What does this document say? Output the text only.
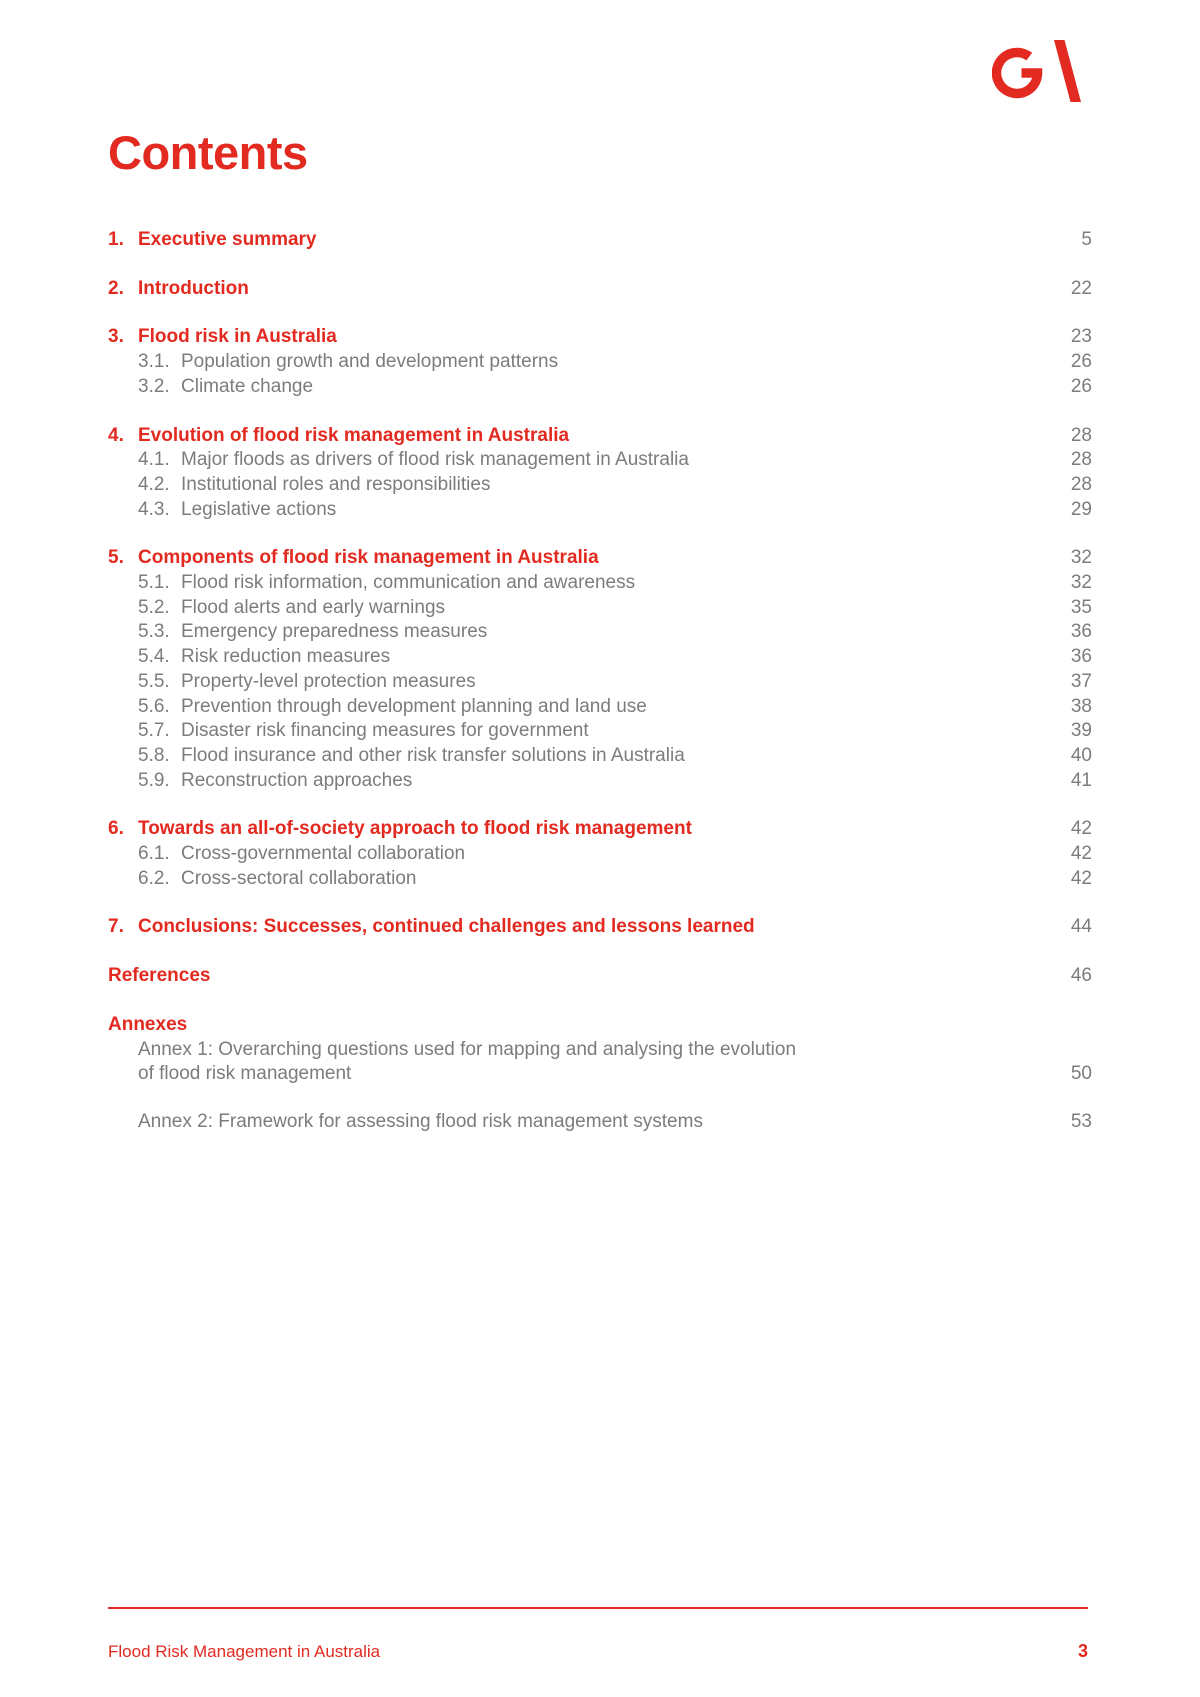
Contents
1. Executive summary	5
2. Introduction	22
3. Flood risk in Australia	23
3.1. Population growth and development patterns	26
3.2. Climate change	26
4. Evolution of flood risk management in Australia	28
4.1. Major floods as drivers of flood risk management in Australia	28
4.2. Institutional roles and responsibilities	28
4.3. Legislative actions	29
5. Components of flood risk management in Australia	32
5.1. Flood risk information, communication and awareness	32
5.2. Flood alerts and early warnings	35
5.3. Emergency preparedness measures	36
5.4. Risk reduction measures	36
5.5. Property-level protection measures	37
5.6. Prevention through development planning and land use	38
5.7. Disaster risk financing measures for government	39
5.8. Flood insurance and other risk transfer solutions in Australia	40
5.9. Reconstruction approaches	41
6. Towards an all-of-society approach to flood risk management	42
6.1. Cross-governmental collaboration	42
6.2. Cross-sectoral collaboration	42
7. Conclusions: Successes, continued challenges and lessons learned	44
References	46
Annexes
Annex 1: Overarching questions used for mapping and analysing the evolution
of flood risk management	50
Annex 2: Framework for assessing flood risk management systems	53
Flood Risk Management in Australia	3
